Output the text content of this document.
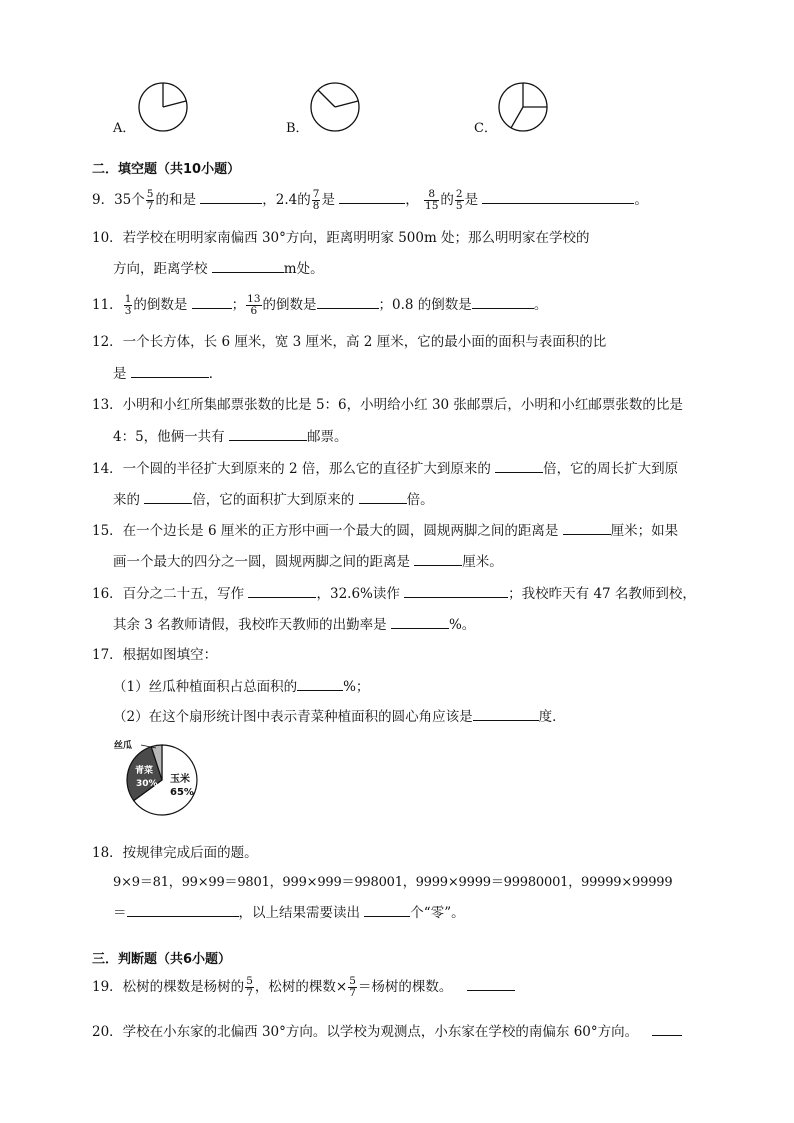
A．	B．	C．
二．填空题（共10小题）
9．35个 $\frac{5}{7}$ 的和是	，2.4的 $\frac{7}{8}$ 是	， $\frac{8}{15}$ 的 $\frac{2}{5}$ 是	。
10．若学校在明明家南偏西 30°方向，距离明明家 500m 处；那么明明家在学校的
方向，距离学校	m处。
11． $\frac{1}{3}$ 的倒数是	； $\frac{13}{6}$ 的倒数是	；0.8 的倒数是	。
12．一个长方体，长 6 厘米，宽 3 厘米，高 2 厘米，它的最小面的面积与表面积的比
是	．
13．小明和小红所集邮票张数的比是 5：6，小明给小红 30 张邮票后，小明和小红邮票张数的比是
4：5，他俩一共有	邮票。
14．一个圆的半径扩大到原来的 2 倍，那么它的直径扩大到原来的	倍，它的周长扩大到原
来的	倍，它的面积扩大到原来的	倍。
15．在一个边长是 6 厘米的正方形中画一个最大的圆，圆规两脚之间的距离是	厘米；如果
画一个最大的四分之一圆，圆规两脚之间的距离是	厘米。
16．百分之二十五，写作	，32.6%读作	；我校昨天有 47 名教师到校，
其余 3 名教师请假，我校昨天教师的出勤率是	%。
17．根据如图填空：
（1）丝瓜种植面积占总面积的	%；
（2）在这个扇形统计图中表示青菜种植面积的圆心角应该是	度．
丝瓜
青菜
30% 玉米
65%
18．按规律完成后面的题。
9×9＝81，99×99＝9801，999×999＝998001，9999×9999＝99980001，99999×99999
＝	，以上结果需要读出	个“零”。
三．判断题（共6小题）
19．松树的棵数是杨树的 $\frac{5}{7}$ ，松树的棵数× $\frac{5}{7}$ ＝杨树的棵数。
20．学校在小东家的北偏西 30°方向。以学校为观测点，小东家在学校的南偏东 60°方向。
